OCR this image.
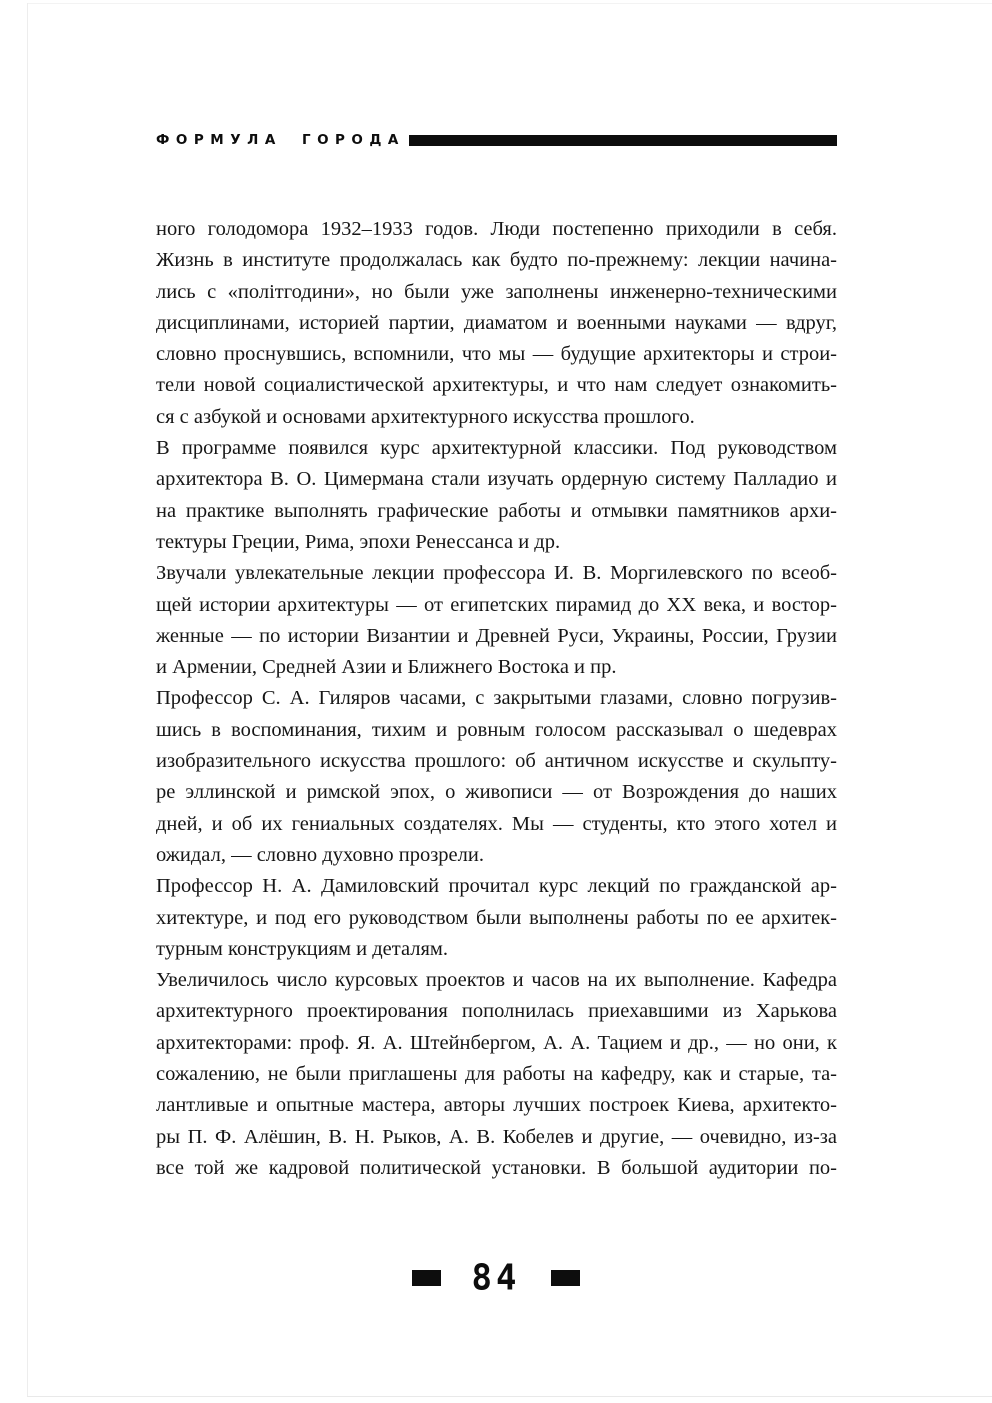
ФОРМУЛА ГОРОДА
ного голодомора 1932–1933 годов. Люди постепенно приходили в себя.
Жизнь в институте продолжалась как будто по-прежнему: лекции начина-
лись с «політгодини», но были уже заполнены инженерно-техническими
дисциплинами, историей партии, диаматом и военными науками — вдруг,
словно проснувшись, вспомнили, что мы — будущие архитекторы и строи-
тели новой социалистической архитектуры, и что нам следует ознакомить-
ся с азбукой и основами архитектурного искусства прошлого.
В программе появился курс архитектурной классики. Под руководством
архитектора В. О. Цимермана стали изучать ордерную систему Палладио и
на практике выполнять графические работы и отмывки памятников архи-
тектуры Греции, Рима, эпохи Ренессанса и др.
Звучали увлекательные лекции профессора И. В. Моргилевского по всеоб-
щей истории архитектуры — от египетских пирамид до XX века, и востор-
женные — по истории Византии и Древней Руси, Украины, России, Грузии
и Армении, Средней Азии и Ближнего Востока и пр.
Профессор С. А. Гиляров часами, с закрытыми глазами, словно погрузив-
шись в воспоминания, тихим и ровным голосом рассказывал о шедеврах
изобразительного искусства прошлого: об античном искусстве и скульпту-
ре эллинской и римской эпох, о живописи — от Возрождения до наших
дней, и об их гениальных создателях. Мы — студенты, кто этого хотел и
ожидал, — словно духовно прозрели.
Профессор Н. А. Дамиловский прочитал курс лекций по гражданской ар-
хитектуре, и под его руководством были выполнены работы по ее архитек-
турным конструкциям и деталям.
Увеличилось число курсовых проектов и часов на их выполнение. Кафедра
архитектурного проектирования пополнилась приехавшими из Харькова
архитекторами: проф. Я. А. Штейнбергом, А. А. Тацием и др., — но они, к
сожалению, не были приглашены для работы на кафедру, как и старые, та-
лантливые и опытные мастера, авторы лучших построек Киева, архитекто-
ры П. Ф. Алёшин, В. Н. Рыков, А. В. Кобелев и другие, — очевидно, из-за
все той же кадровой политической установки. В большой аудитории по-
84
